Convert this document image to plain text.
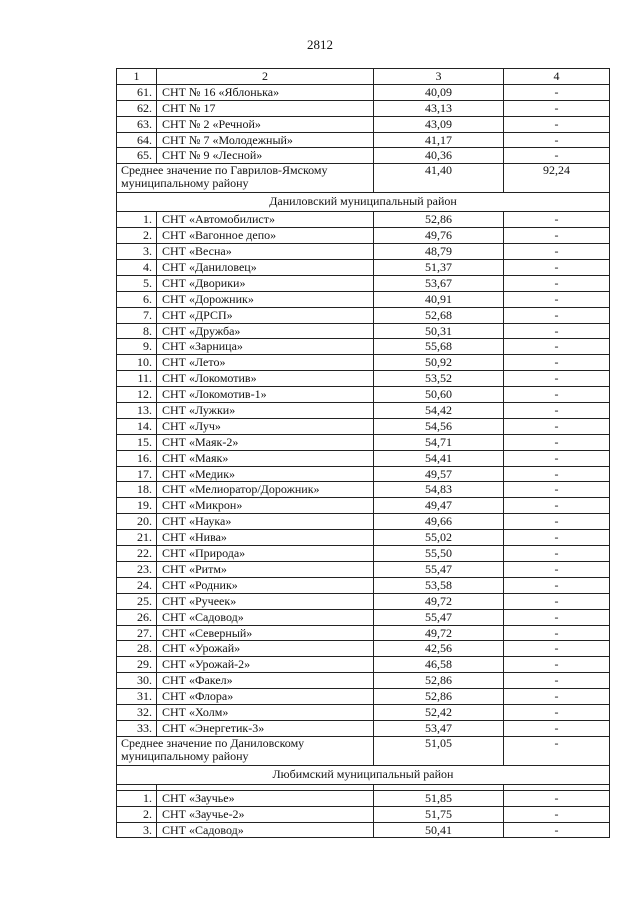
2812
1	2	3	4
61.	СНТ № 16 «Яблонька»	40,09	-
62.	СНТ № 17	43,13	-
63.	СНТ № 2 «Речной»	43,09	-
64.	СНТ № 7 «Молодежный»	41,17	-
65.	СНТ № 9 «Лесной»	40,36	-
Среднее значение по Гаврилов-Ямскому муниципальному району		41,40	92,24
Даниловский муниципальный район			
1.	СНТ «Автомобилист»	52,86	-
2.	СНТ «Вагонное депо»	49,76	-
3.	СНТ «Весна»	48,79	-
4.	СНТ «Даниловец»	51,37	-
5.	СНТ «Дворики»	53,67	-
6.	СНТ «Дорожник»	40,91	-
7.	СНТ «ДРСП»	52,68	-
8.	СНТ «Дружба»	50,31	-
9.	СНТ «Зарница»	55,68	-
10.	СНТ «Лето»	50,92	-
11.	СНТ «Локомотив»	53,52	-
12.	СНТ «Локомотив-1»	50,60	-
13.	СНТ «Лужки»	54,42	-
14.	СНТ «Луч»	54,56	-
15.	СНТ «Маяк-2»	54,71	-
16.	СНТ «Маяк»	54,41	-
17.	СНТ «Медик»	49,57	-
18.	СНТ «Мелиоратор/Дорожник»	54,83	-
19.	СНТ «Микрон»	49,47	-
20.	СНТ «Наука»	49,66	-
21.	СНТ «Нива»	55,02	-
22.	СНТ «Природа»	55,50	-
23.	СНТ «Ритм»	55,47	-
24.	СНТ «Родник»	53,58	-
25.	СНТ «Ручеек»	49,72	-
26.	СНТ «Садовод»	55,47	-
27.	СНТ «Северный»	49,72	-
28.	СНТ «Урожай»	42,56	-
29.	СНТ «Урожай-2»	46,58	-
30.	СНТ «Факел»	52,86	-
31.	СНТ «Флора»	52,86	-
32.	СНТ «Холм»	52,42	-
33.	СНТ «Энергетик-3»	53,47	-
Среднее значение по Даниловскому муниципальному району		51,05	-
Любимский муниципальный район			

1.	СНТ «Заучье»	51,85	-
2.	СНТ «Заучье-2»	51,75	-
3.	СНТ «Садовод»	50,41	-
